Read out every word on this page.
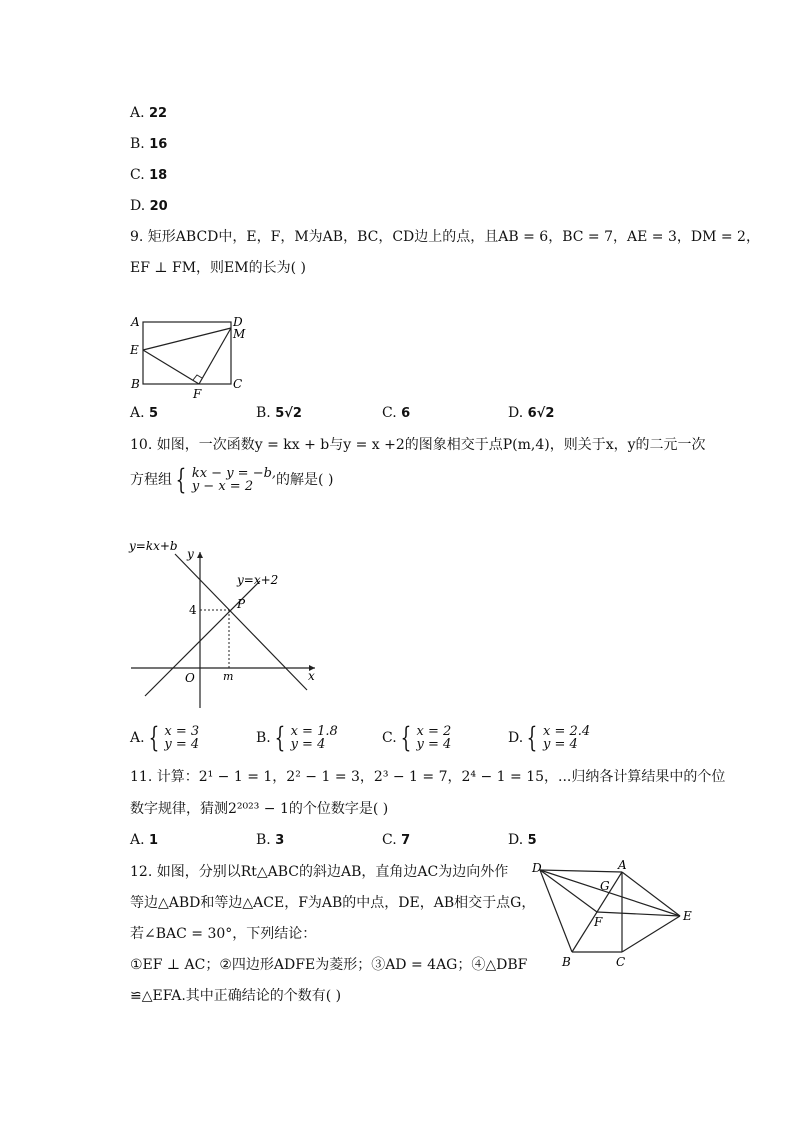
A. 22
B. 16
C. 18
D. 20
9. 矩形ABCD中，E，F，M为AB，BC，CD边上的点，且AB = 6，BC = 7，AE = 3，DM = 2，
EF ⊥ FM，则EM的长为( )
A	D
M
E
B	C
F
A. 5	B. 5√2	C. 6	D. 6√2
10. 如图，一次函数y = kx + b与y = x +2的图象相交于点P(m,4)，则关于x，y的二元一次
方程组 { kx − y = −b,
y − x = 2	的解是( )
y=kx+b
y=x+2
y
x
O	m
4	P
A. { x = 3
y = 4	B. { x = 1.8
y = 4	C. { x = 2
y = 4	D. { x = 2.4
y = 4
11. 计算：2¹ − 1 = 1，2² − 1 = 3，2³ − 1 = 7，2⁴ − 1 = 15，...归纳各计算结果中的个位
数字规律，猜测2²⁰²³ − 1的个位数字是( )
A. 1	B. 3	C. 7	D. 5
12. 如图，分别以Rt△ABC的斜边AB，直角边AC为边向外作
等边△ABD和等边△ACE，F为AB的中点，DE，AB相交于点G，
若∠BAC = 30°，下列结论：
①EF ⊥ AC；②四边形ADFE为菱形；③AD = 4AG；④△DBF
≌△EFA.其中正确结论的个数有( )
D	A
G
E
F
B	C
